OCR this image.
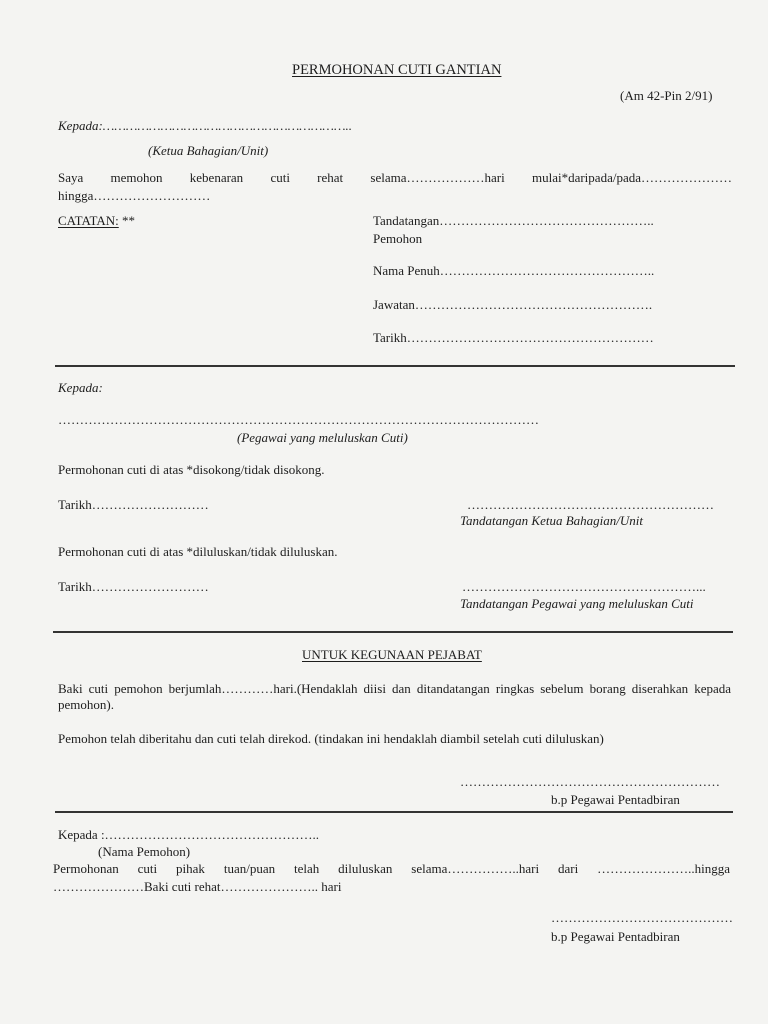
PERMOHONAN CUTI GANTIAN
(Am 42-Pin 2/91)
Kepada:………………………………………………………..
(Ketua Bahagian/Unit)
Saya memohon kebenaran cuti rehat selama………………hari mulai*daripada/pada…………………
hingga………………………
CATATAN: **	Tandatangan…………………………………………..
Pemohon
Nama Penuh…………………………………………..
Jawatan……………………………………………….
Tarikh…………………………………………………
Kepada:
…………………………………………………………………………………………………
(Pegawai yang meluluskan Cuti)
Permohonan cuti di atas *disokong/tidak disokong.
Tarikh………………………	…………………………………………………
Tandatangan Ketua Bahagian/Unit
Permohonan cuti di atas *diluluskan/tidak diluluskan.
Tarikh………………………	………………………………………………...
Tandatangan Pegawai yang meluluskan Cuti
UNTUK KEGUNAAN PEJABAT
Baki cuti pemohon berjumlah…………hari.(Hendaklah diisi dan ditandatangan ringkas sebelum borang diserahkan kepada
pemohon).
Pemohon telah diberitahu dan cuti telah direkod. (tindakan ini hendaklah diambil setelah cuti diluluskan)
……………………………………………………
b.p Pegawai Pentadbiran
Kepada :…………………………………………..
(Nama Pemohon)
Permohonan cuti pihak tuan/puan telah diluluskan selama……………..hari dari …………………..hingga
…………………Baki cuti rehat………………….. hari
……………………………………
b.p Pegawai Pentadbiran
